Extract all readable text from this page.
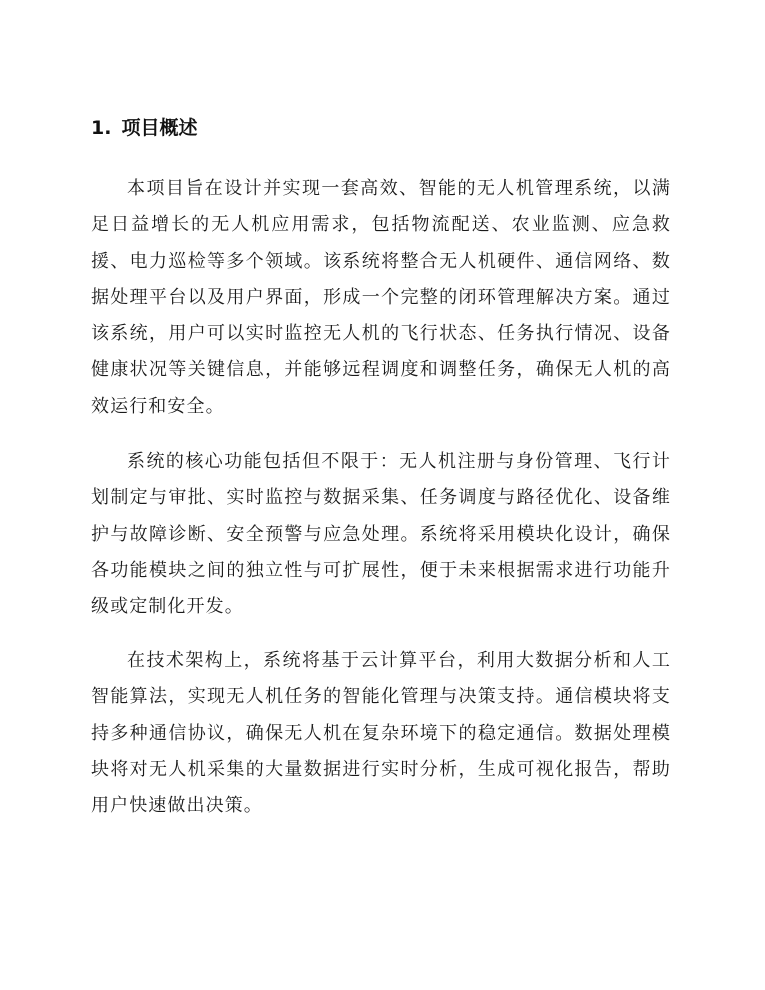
1. 项目概述

本项目旨在设计并实现一套高效、智能的无人机管理系统，以满足日益增长的无人机应用需求，包括物流配送、农业监测、应急救援、电力巡检等多个领域。该系统将整合无人机硬件、通信网络、数据处理平台以及用户界面，形成一个完整的闭环管理解决方案。通过该系统，用户可以实时监控无人机的飞行状态、任务执行情况、设备健康状况等关键信息，并能够远程调度和调整任务，确保无人机的高效运行和安全。

系统的核心功能包括但不限于：无人机注册与身份管理、飞行计划制定与审批、实时监控与数据采集、任务调度与路径优化、设备维护与故障诊断、安全预警与应急处理。系统将采用模块化设计，确保各功能模块之间的独立性与可扩展性，便于未来根据需求进行功能升级或定制化开发。

在技术架构上，系统将基于云计算平台，利用大数据分析和人工智能算法，实现无人机任务的智能化管理与决策支持。通信模块将支持多种通信协议，确保无人机在复杂环境下的稳定通信。数据处理模块将对无人机采集的大量数据进行实时分析，生成可视化报告，帮助用户快速做出决策。
